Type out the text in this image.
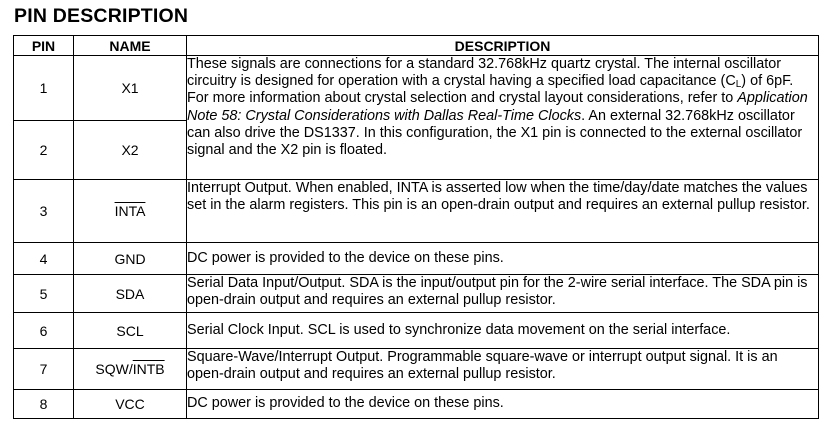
PIN DESCRIPTION
PIN	NAME	DESCRIPTION
1	X1	These signals are connections for a standard 32.768kHz quartz crystal. The internal oscillator circuitry is designed for operation with a crystal having a specified load capacitance $(C_L)$ of 6pF. For more information about crystal selection and crystal layout considerations, refer to Application Note 58: Crystal Considerations with Dallas Real-Time Clocks. An external 32.768kHz oscillator can also drive the DS1337. In this configuration, the X1 pin is connected to the external oscillator signal and the X2 pin is floated.
2	X2	
3	INTA	Interrupt Output. When enabled, INTA is asserted low when the time/day/date matches the values set in the alarm registers. This pin is an open-drain output and requires an external pullup resistor.
4	GND	DC power is provided to the device on these pins.
5	SDA	Serial Data Input/Output. SDA is the input/output pin for the 2-wire serial interface. The SDA pin is open-drain output and requires an external pullup resistor.
6	SCL	Serial Clock Input. SCL is used to synchronize data movement on the serial interface.
7	SQW/INTB	Square-Wave/Interrupt Output. Programmable square-wave or interrupt output signal. It is an open-drain output and requires an external pullup resistor.
8	VCC	DC power is provided to the device on these pins.
